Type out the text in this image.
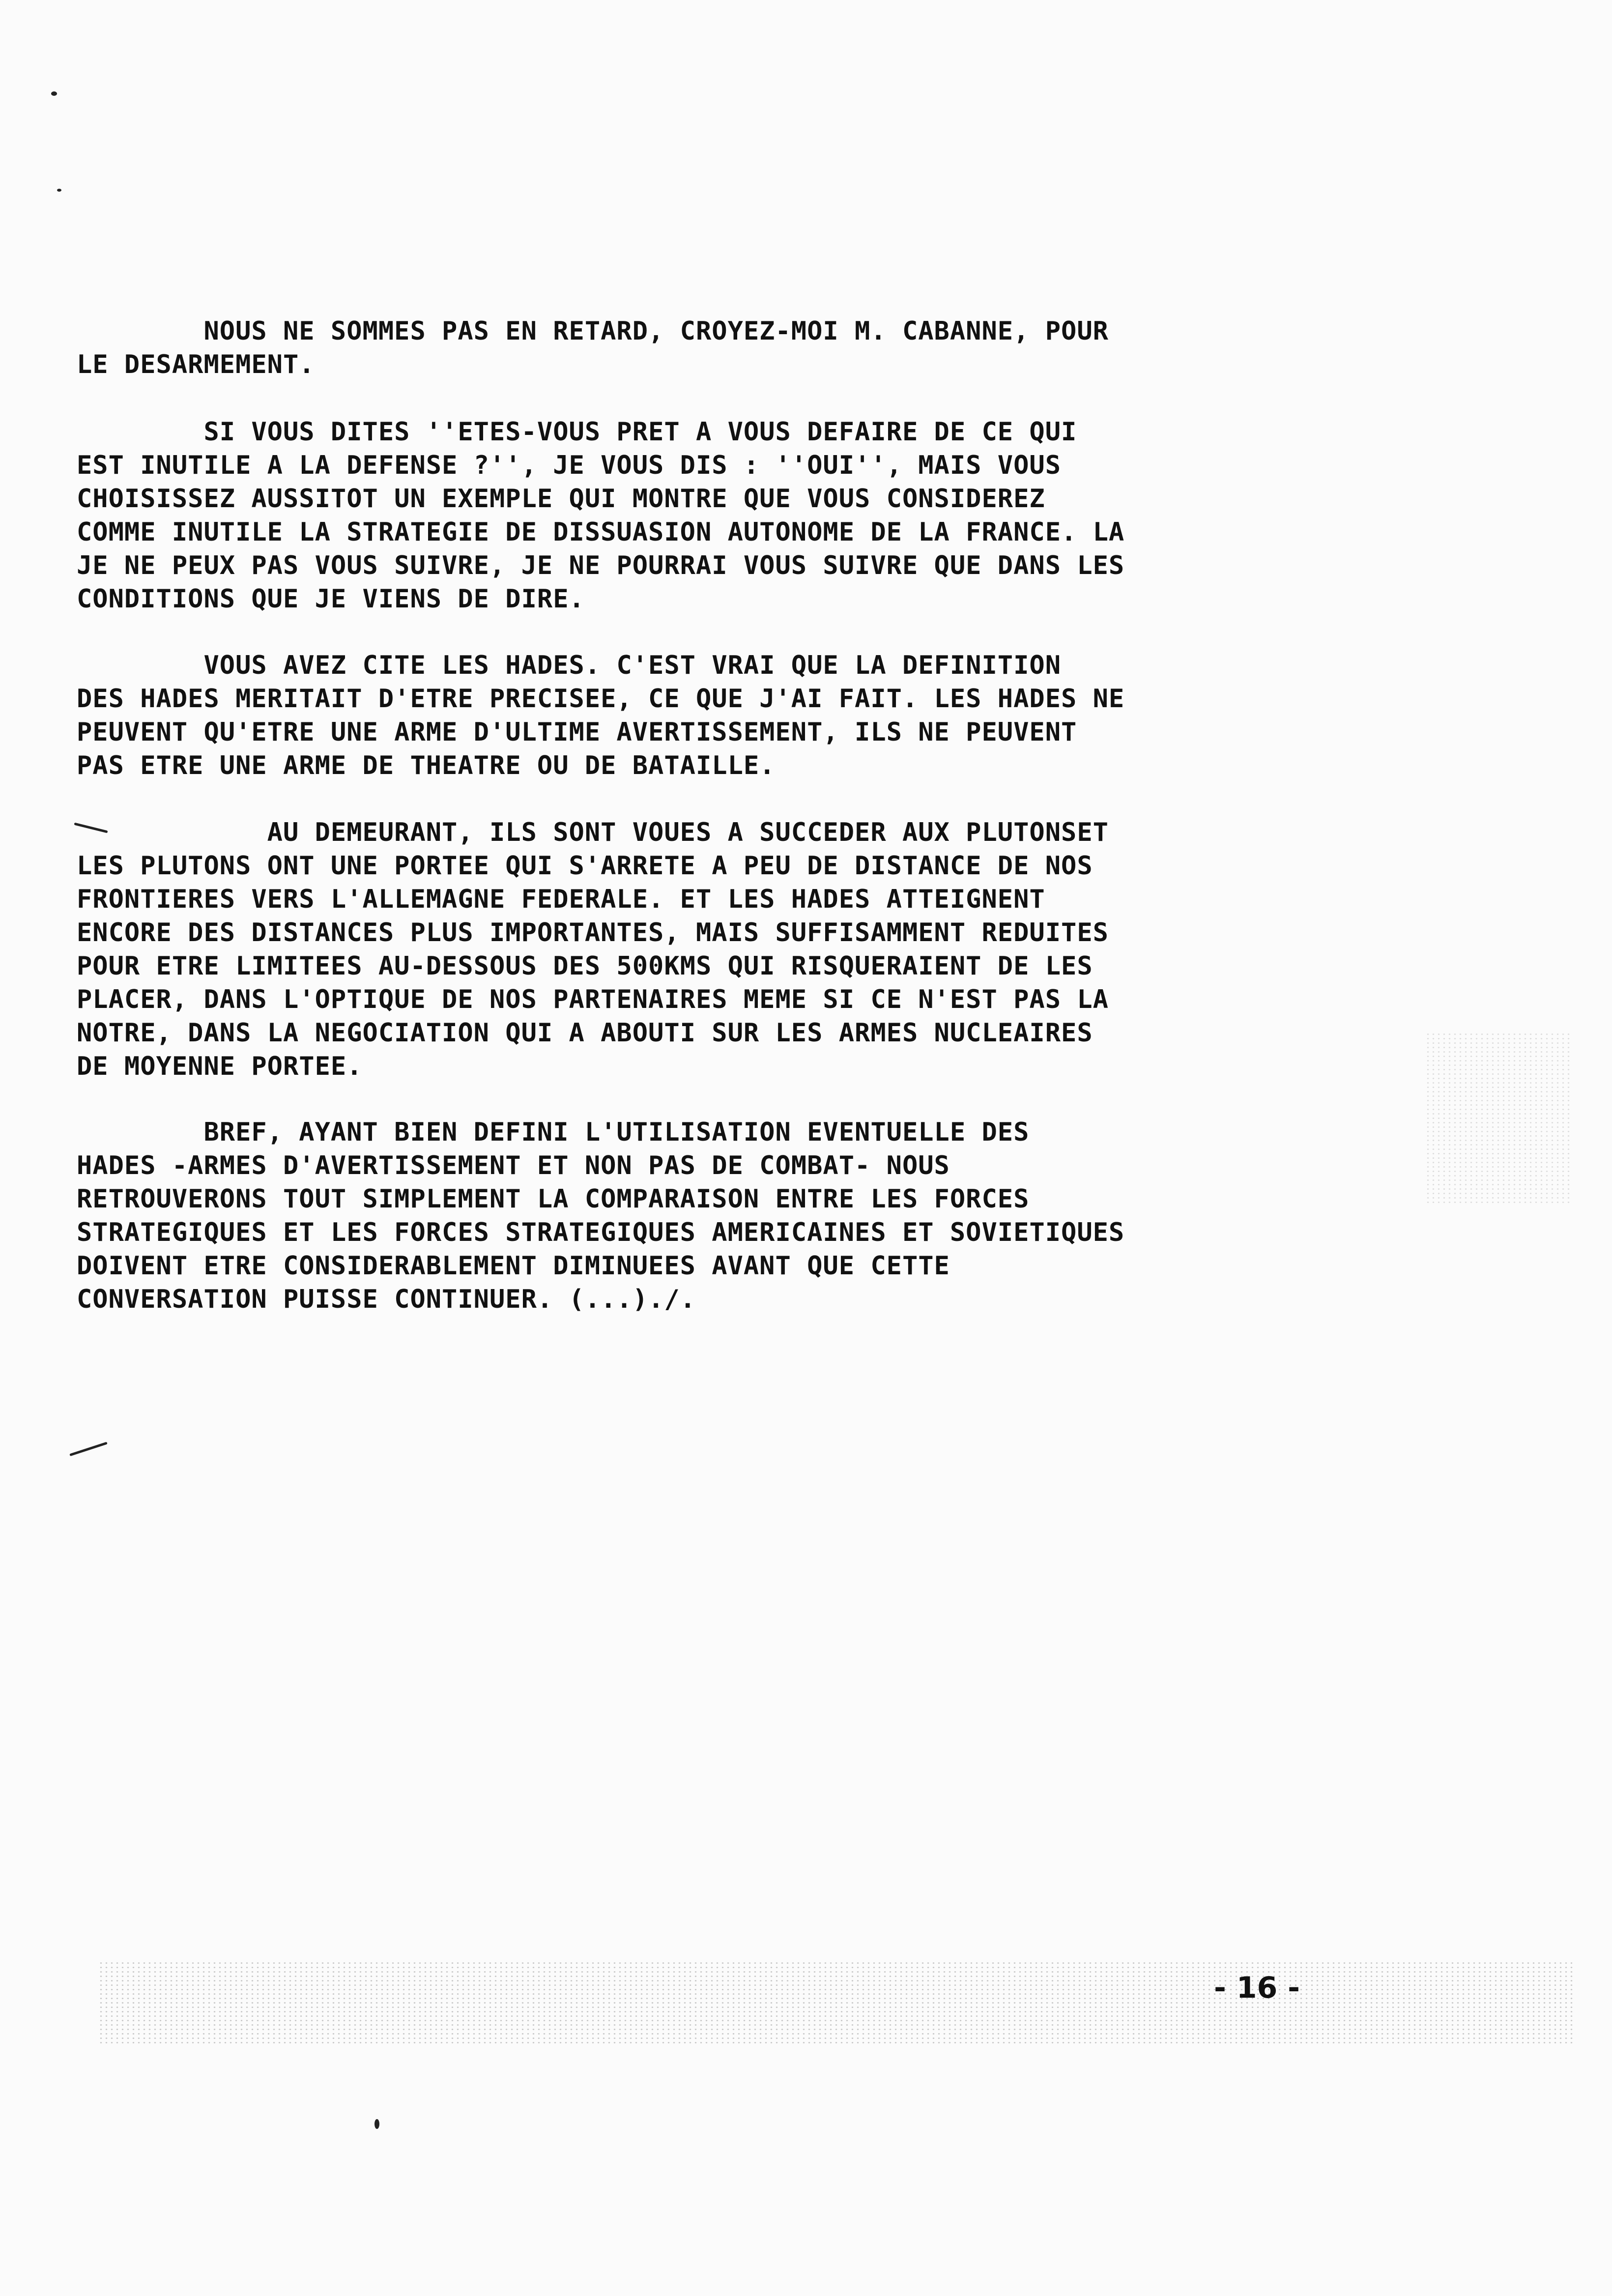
NOUS NE SOMMES PAS EN RETARD, CROYEZ-MOI M. CABANNE, POUR
LE DESARMEMENT.
SI VOUS DITES ''ETES-VOUS PRET A VOUS DEFAIRE DE CE QUI
EST INUTILE A LA DEFENSE ?'', JE VOUS DIS : ''OUI'', MAIS VOUS
CHOISISSEZ AUSSITOT UN EXEMPLE QUI MONTRE QUE VOUS CONSIDEREZ
COMME INUTILE LA STRATEGIE DE DISSUASION AUTONOME DE LA FRANCE. LA
JE NE PEUX PAS VOUS SUIVRE, JE NE POURRAI VOUS SUIVRE QUE DANS LES
CONDITIONS QUE JE VIENS DE DIRE.
VOUS AVEZ CITE LES HADES. C'EST VRAI QUE LA DEFINITION
DES HADES MERITAIT D'ETRE PRECISEE, CE QUE J'AI FAIT. LES HADES NE
PEUVENT QU'ETRE UNE ARME D'ULTIME AVERTISSEMENT, ILS NE PEUVENT
PAS ETRE UNE ARME DE THEATRE OU DE BATAILLE.
AU DEMEURANT, ILS SONT VOUES A SUCCEDER AUX PLUTONSET
LES PLUTONS ONT UNE PORTEE QUI S'ARRETE A PEU DE DISTANCE DE NOS
FRONTIERES VERS L'ALLEMAGNE FEDERALE. ET LES HADES ATTEIGNENT
ENCORE DES DISTANCES PLUS IMPORTANTES, MAIS SUFFISAMMENT REDUITES
POUR ETRE LIMITEES AU-DESSOUS DES 500KMS QUI RISQUERAIENT DE LES
PLACER, DANS L'OPTIQUE DE NOS PARTENAIRES MEME SI CE N'EST PAS LA
NOTRE, DANS LA NEGOCIATION QUI A ABOUTI SUR LES ARMES NUCLEAIRES
DE MOYENNE PORTEE.
BREF, AYANT BIEN DEFINI L'UTILISATION EVENTUELLE DES
HADES -ARMES D'AVERTISSEMENT ET NON PAS DE COMBAT- NOUS
RETROUVERONS TOUT SIMPLEMENT LA COMPARAISON ENTRE LES FORCES
STRATEGIQUES ET LES FORCES STRATEGIQUES AMERICAINES ET SOVIETIQUES
DOIVENT ETRE CONSIDERABLEMENT DIMINUEES AVANT QUE CETTE
CONVERSATION PUISSE CONTINUER. (...)./.
- 16 -
